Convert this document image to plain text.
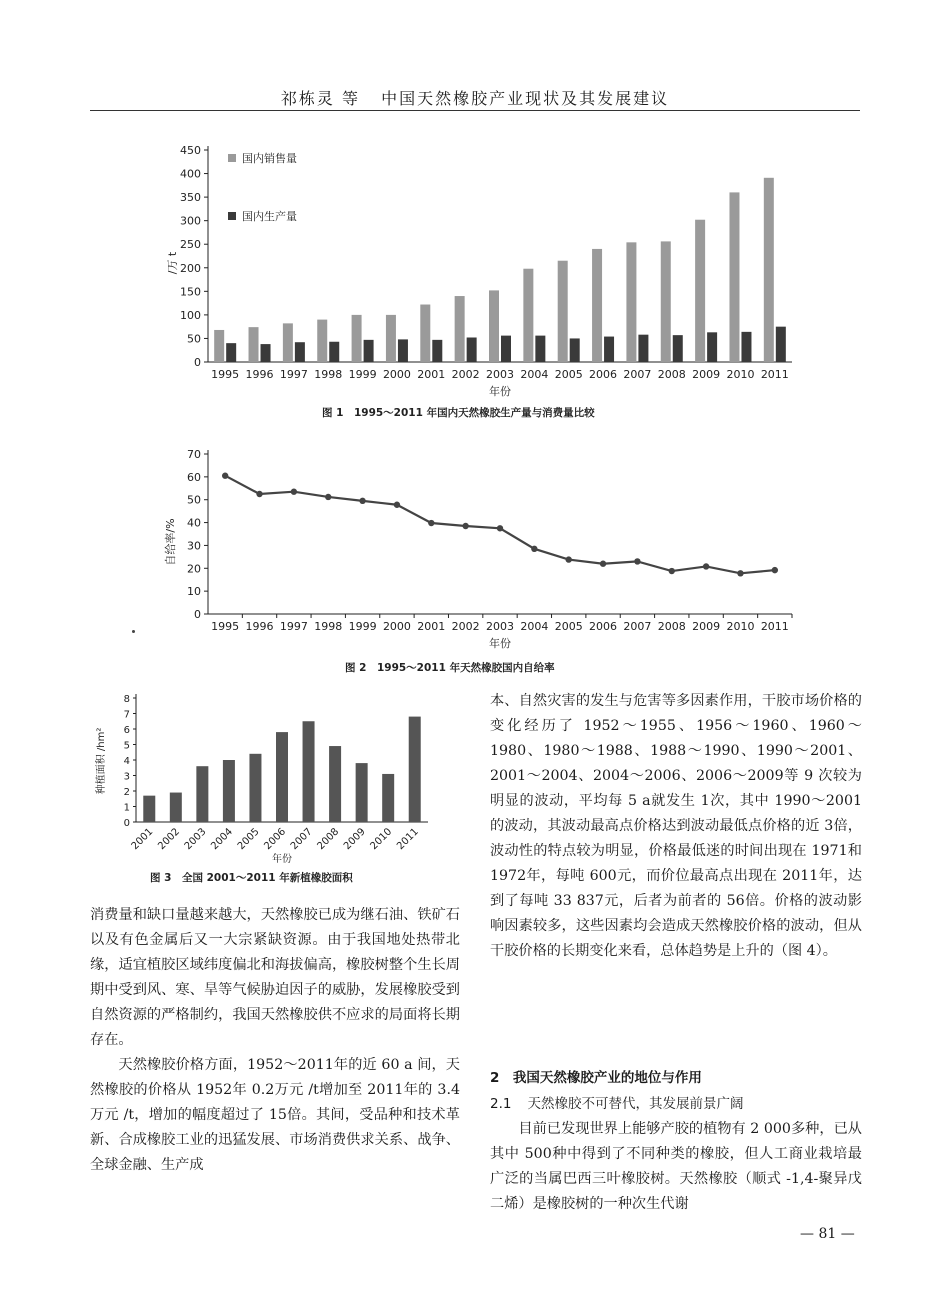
祁栋灵 等 中国天然橡胶产业现状及其发展建议
0
50
100
150
200
250
300
350
400
450
1995 1996 1997 1998 1999 2000 2001 2002 2003 2004 2005 2006 2007 2008 2009 2010 2011
国内销售量
国内生产量
年份
/万 t
图 1　1995～2011 年国内天然橡胶生产量与消费量比较
0
10
20
30
40
50
60
70
1995 1996 1997 1998 1999 2000 2001 2002 2003 2004 2005 2006 2007 2008 2009 2010 2011
年份
自给率/%
图 2　1995～2011 年天然橡胶国内自给率
0
1
2
3
4
5
6
7
8
2001 2002 2003 2004 2005 2006 2007 2008 2009 2010 2011
年份
种植面积 /hm²
图 3　全国 2001～2011 年新植橡胶面积

消费量和缺口量越来越大，天然橡胶已成为继石油、铁矿石以及有色金属后又一大宗紧缺资源。由于我国地处热带北缘，适宜植胶区域纬度偏北和海拔偏高，橡胶树整个生长周期中受到风、寒、旱等气候胁迫因子的威胁，发展橡胶受到自然资源的严格制约，我国天然橡胶供不应求的局面将长期存在。

天然橡胶价格方面，1952～2011年的近 60 a 间，天然橡胶的价格从 1952年 0.2万元 /t增加至 2011年的 3.4万元 /t，增加的幅度超过了 15倍。其间，受品种和技术革新、合成橡胶工业的迅猛发展、市场消费供求关系、战争、全球金融、生产成

本、自然灾害的发生与危害等多因素作用，干胶市场价格的变化经历了 1952～1955、1956～1960、1960～1980、1980～1988、1988～1990、1990～2001、2001～2004、2004～2006、2006～2009等 9 次较为明显的波动，平均每 5 a就发生 1次，其中 1990～2001的波动，其波动最高点价格达到波动最低点价格的近 3倍，波动性的特点较为明显，价格最低迷的时间出现在 1971和 1972年，每吨 600元，而价位最高点出现在 2011年，达到了每吨 33 837元，后者为前者的 56倍。价格的波动影响因素较多，这些因素均会造成天然橡胶价格的波动，但从干胶价格的长期变化来看，总体趋势是上升的（图 4）。

2　我国天然橡胶产业的地位与作用
2.1 天然橡胶不可替代，其发展前景广阔

目前已发现世界上能够产胶的植物有 2 000多种，已从其中 500种中得到了不同种类的橡胶，但人工商业栽培最广泛的当属巴西三叶橡胶树。天然橡胶（顺式 -1,4-聚异戊二烯）是橡胶树的一种次生代谢

— 81 —
